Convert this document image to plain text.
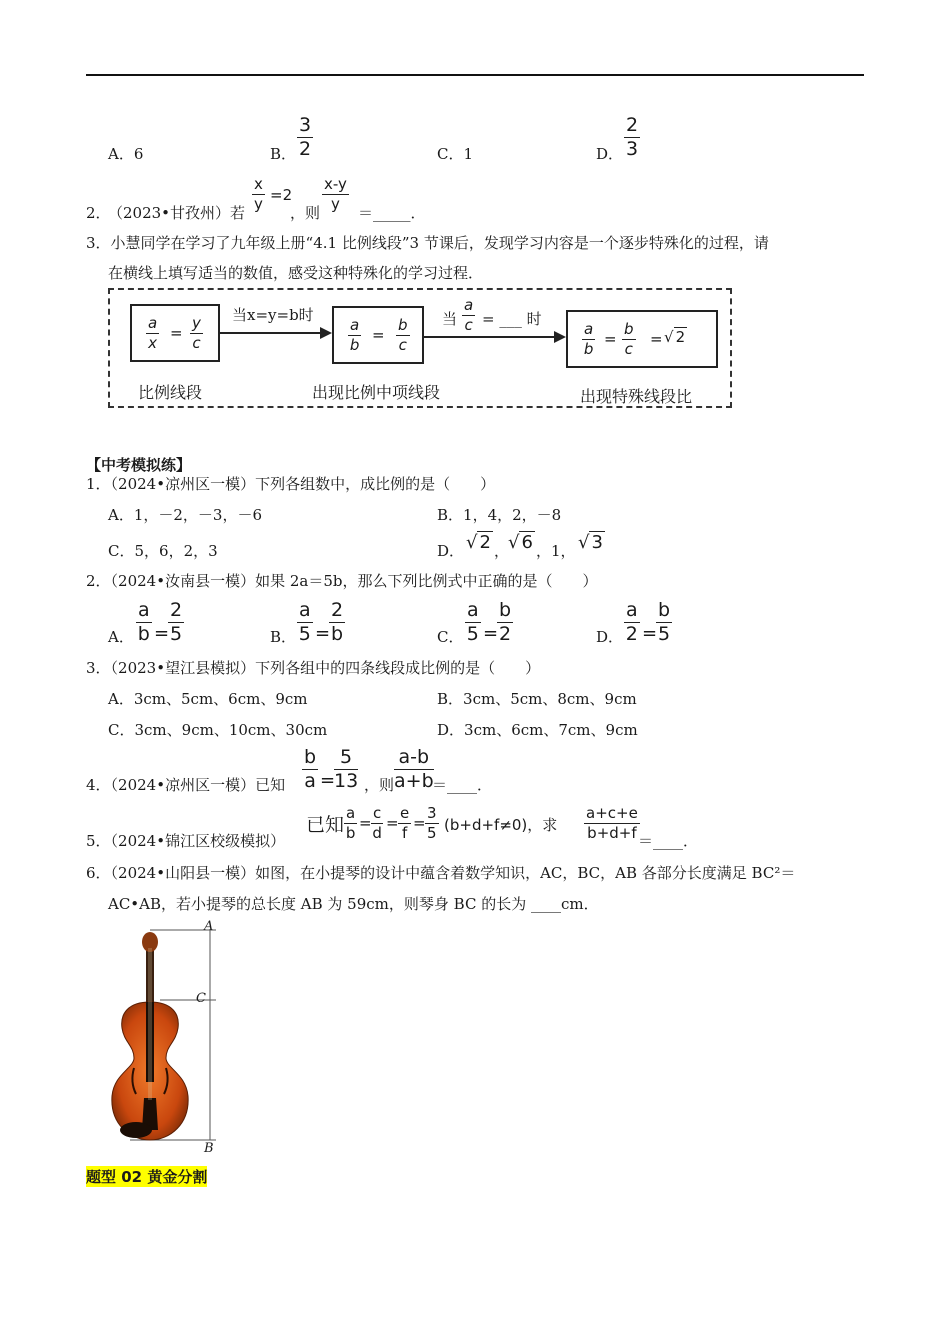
A．6	B． $\frac{3}{2}$	C．1	D． $\frac{2}{3}$
2．
（2023•甘孜州）若
$\frac{x}{y} =2$
，则
$\frac{x-y}{y}$
＝_____．
3．小慧同学在学习了九年级上册“4.1 比例线段”3 节课后，发现学习内容是一个逐步特殊化的过程，请
在横线上填写适当的数值，感受这种特殊化的学习过程．
$\frac{a}{x} = \frac{y}{c}$
当x=y=b时
$\frac{a}{b} = \frac{b}{c}$ 当 $\frac{a}{c}$ = ___ 时
$\frac{a}{b} = \frac{b}{c}$ = √ 2
比例线段	出现比例中项线段	出现特殊线段比
【中考模拟练】
1．（2024•凉州区一模）下列各组数中，成比例的是（　　）
A．1，－2，－3，－6	B．1，4，2，－8
C．5，6，2，3	D． √ 2 ，
√ 6 ，1， √ 3
2．（2024•汝南县一模）如果 2a＝5b，那么下列比例式中正确的是（　　）
A． $\frac{a}{b}$ =
$\frac{2}{5}$	B． $\frac{a}{5}$ =
$\frac{2}{b}$	C． $\frac{a}{5}$ =
$\frac{b}{2}$	D． $\frac{a}{2}$ =
$\frac{b}{5}$
3．（2023•望江县模拟）下列各组中的四条线段成比例的是（　　）
A．3cm、5cm、6cm、9cm	B．3cm、5cm、8cm、9cm
C．3cm、9cm、10cm、30cm	D．3cm、6cm、7cm、9cm
4．（2024•凉州区一模）已知 $\frac{b}{a}$ =
$\frac{5}{13}$ ，则 $\frac{a-b}{a+b}$
＝____．
5．（2024•锦江区校级模拟）
已知 $\frac{a}{b} = \frac{c}{d} = \frac{e}{f} = \frac{3}{5} (b+d+f\ne 0)$，求 $\frac{a+c+e}{b+d+f}$
＝____．
6．（2024•山阳县一模）如图，在小提琴的设计中蕴含着数学知识，AC，BC，AB 各部分长度满足 BC²＝
AC•AB，若小提琴的总长度 AB 为 59cm，则琴身 BC 的长为 ____cm．
A
C
B
题型 02 黄金分割
